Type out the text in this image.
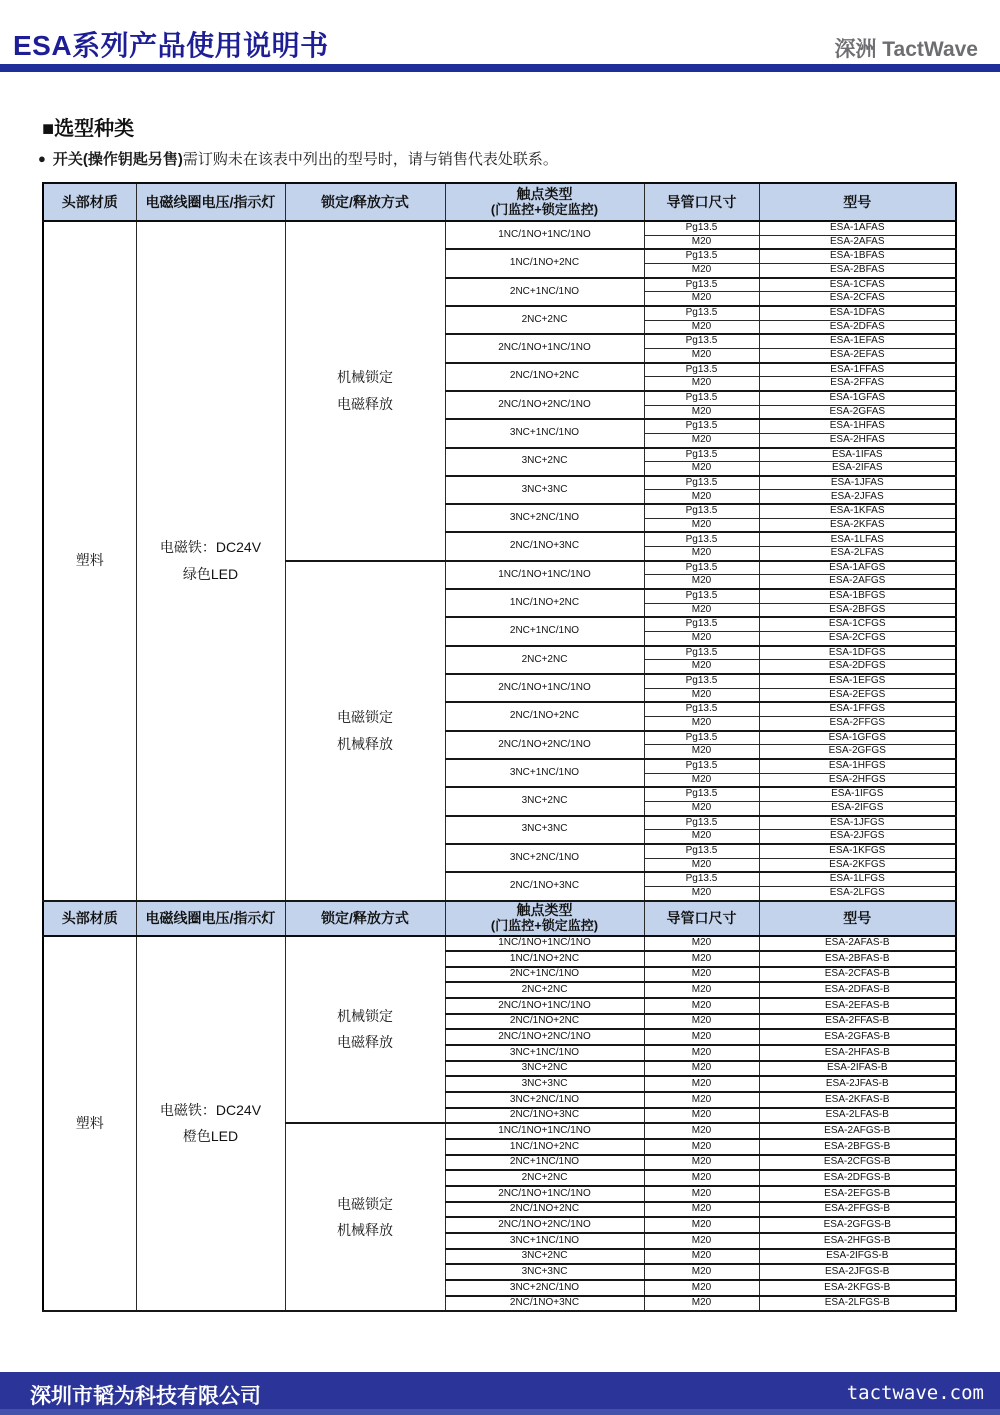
ESA系列产品使用说明书	深洲 TactWave
■选型种类
● 开关(操作钥匙另售)需订购未在该表中列出的型号时，请与销售代表处联系。
头部材质	电磁线圈电压/指示灯	锁定/释放方式	触点类型
(门监控+锁定监控)	导管口尺寸	型号
塑料	
电磁铁：DC24V
绿色LED

机械锁定
电磁释放
	1NC/1NO+1NC/1NO	Pg13.5	ESA-1AFAS
				M20	ESA-2AFAS
			1NC/1NO+2NC	Pg13.5	ESA-1BFAS
				M20	ESA-2BFAS
			2NC+1NC/1NO	Pg13.5	ESA-1CFAS
				M20	ESA-2CFAS
			2NC+2NC	Pg13.5	ESA-1DFAS
				M20	ESA-2DFAS
			2NC/1NO+1NC/1NO	Pg13.5	ESA-1EFAS
				M20	ESA-2EFAS
			2NC/1NO+2NC	Pg13.5	ESA-1FFAS
				M20	ESA-2FFAS
			2NC/1NO+2NC/1NO	Pg13.5	ESA-1GFAS
				M20	ESA-2GFAS
			3NC+1NC/1NO	Pg13.5	ESA-1HFAS
				M20	ESA-2HFAS
			3NC+2NC	Pg13.5	ESA-1IFAS
				M20	ESA-2IFAS
			3NC+3NC	Pg13.5	ESA-1JFAS
				M20	ESA-2JFAS
			3NC+2NC/1NO	Pg13.5	ESA-1KFAS
				M20	ESA-2KFAS
			2NC/1NO+3NC	Pg13.5	ESA-1LFAS
				M20	ESA-2LFAS

		电磁锁定
机械释放	1NC/1NO+1NC/1NO	Pg13.5	ESA-1AFGS
				M20	ESA-2AFGS
			1NC/1NO+2NC	Pg13.5	ESA-1BFGS
				M20	ESA-2BFGS
			2NC+1NC/1NO	Pg13.5	ESA-1CFGS
				M20	ESA-2CFGS
			2NC+2NC	Pg13.5	ESA-1DFGS
				M20	ESA-2DFGS
			2NC/1NO+1NC/1NO	Pg13.5	ESA-1EFGS
				M20	ESA-2EFGS
			2NC/1NO+2NC	Pg13.5	ESA-1FFGS
				M20	ESA-2FFGS
			2NC/1NO+2NC/1NO	Pg13.5	ESA-1GFGS
				M20	ESA-2GFGS
			3NC+1NC/1NO	Pg13.5	ESA-1HFGS
				M20	ESA-2HFGS
			3NC+2NC	Pg13.5	ESA-1IFGS
				M20	ESA-2IFGS
			3NC+3NC	Pg13.5	ESA-1JFGS
				M20	ESA-2JFGS
			3NC+2NC/1NO	Pg13.5	ESA-1KFGS
				M20	ESA-2KFGS
			2NC/1NO+3NC	Pg13.5	ESA-1LFGS
				M20	ESA-2LFGS
头部材质	电磁线圈电压/指示灯	锁定/释放方式	触点类型
(门监控+锁定监控)	导管口尺寸	型号
塑料	
电磁铁：DC24V
橙色LED

机械锁定
电磁释放
	1NC/1NO+1NC/1NO	M20	ESA-2AFAS-B
			1NC/1NO+2NC	M20	ESA-2BFAS-B
			2NC+1NC/1NO	M20	ESA-2CFAS-B
			2NC+2NC	M20	ESA-2DFAS-B
			2NC/1NO+1NC/1NO	M20	ESA-2EFAS-B
			2NC/1NO+2NC	M20	ESA-2FFAS-B
			2NC/1NO+2NC/1NO	M20	ESA-2GFAS-B
			3NC+1NC/1NO	M20	ESA-2HFAS-B
			3NC+2NC	M20	ESA-2IFAS-B
			3NC+3NC	M20	ESA-2JFAS-B
			3NC+2NC/1NO	M20	ESA-2KFAS-B
			2NC/1NO+3NC	M20	ESA-2LFAS-B

		电磁锁定
机械释放	1NC/1NO+1NC/1NO	M20	ESA-2AFGS-B
			1NC/1NO+2NC	M20	ESA-2BFGS-B
			2NC+1NC/1NO	M20	ESA-2CFGS-B
			2NC+2NC	M20	ESA-2DFGS-B
			2NC/1NO+1NC/1NO	M20	ESA-2EFGS-B
			2NC/1NO+2NC	M20	ESA-2FFGS-B
			2NC/1NO+2NC/1NO	M20	ESA-2GFGS-B
			3NC+1NC/1NO	M20	ESA-2HFGS-B
			3NC+2NC	M20	ESA-2IFGS-B
			3NC+3NC	M20	ESA-2JFGS-B
			3NC+2NC/1NO	M20	ESA-2KFGS-B
			2NC/1NO+3NC	M20	ESA-2LFGS-B
深圳市韬为科技有限公司	tactwave.com
